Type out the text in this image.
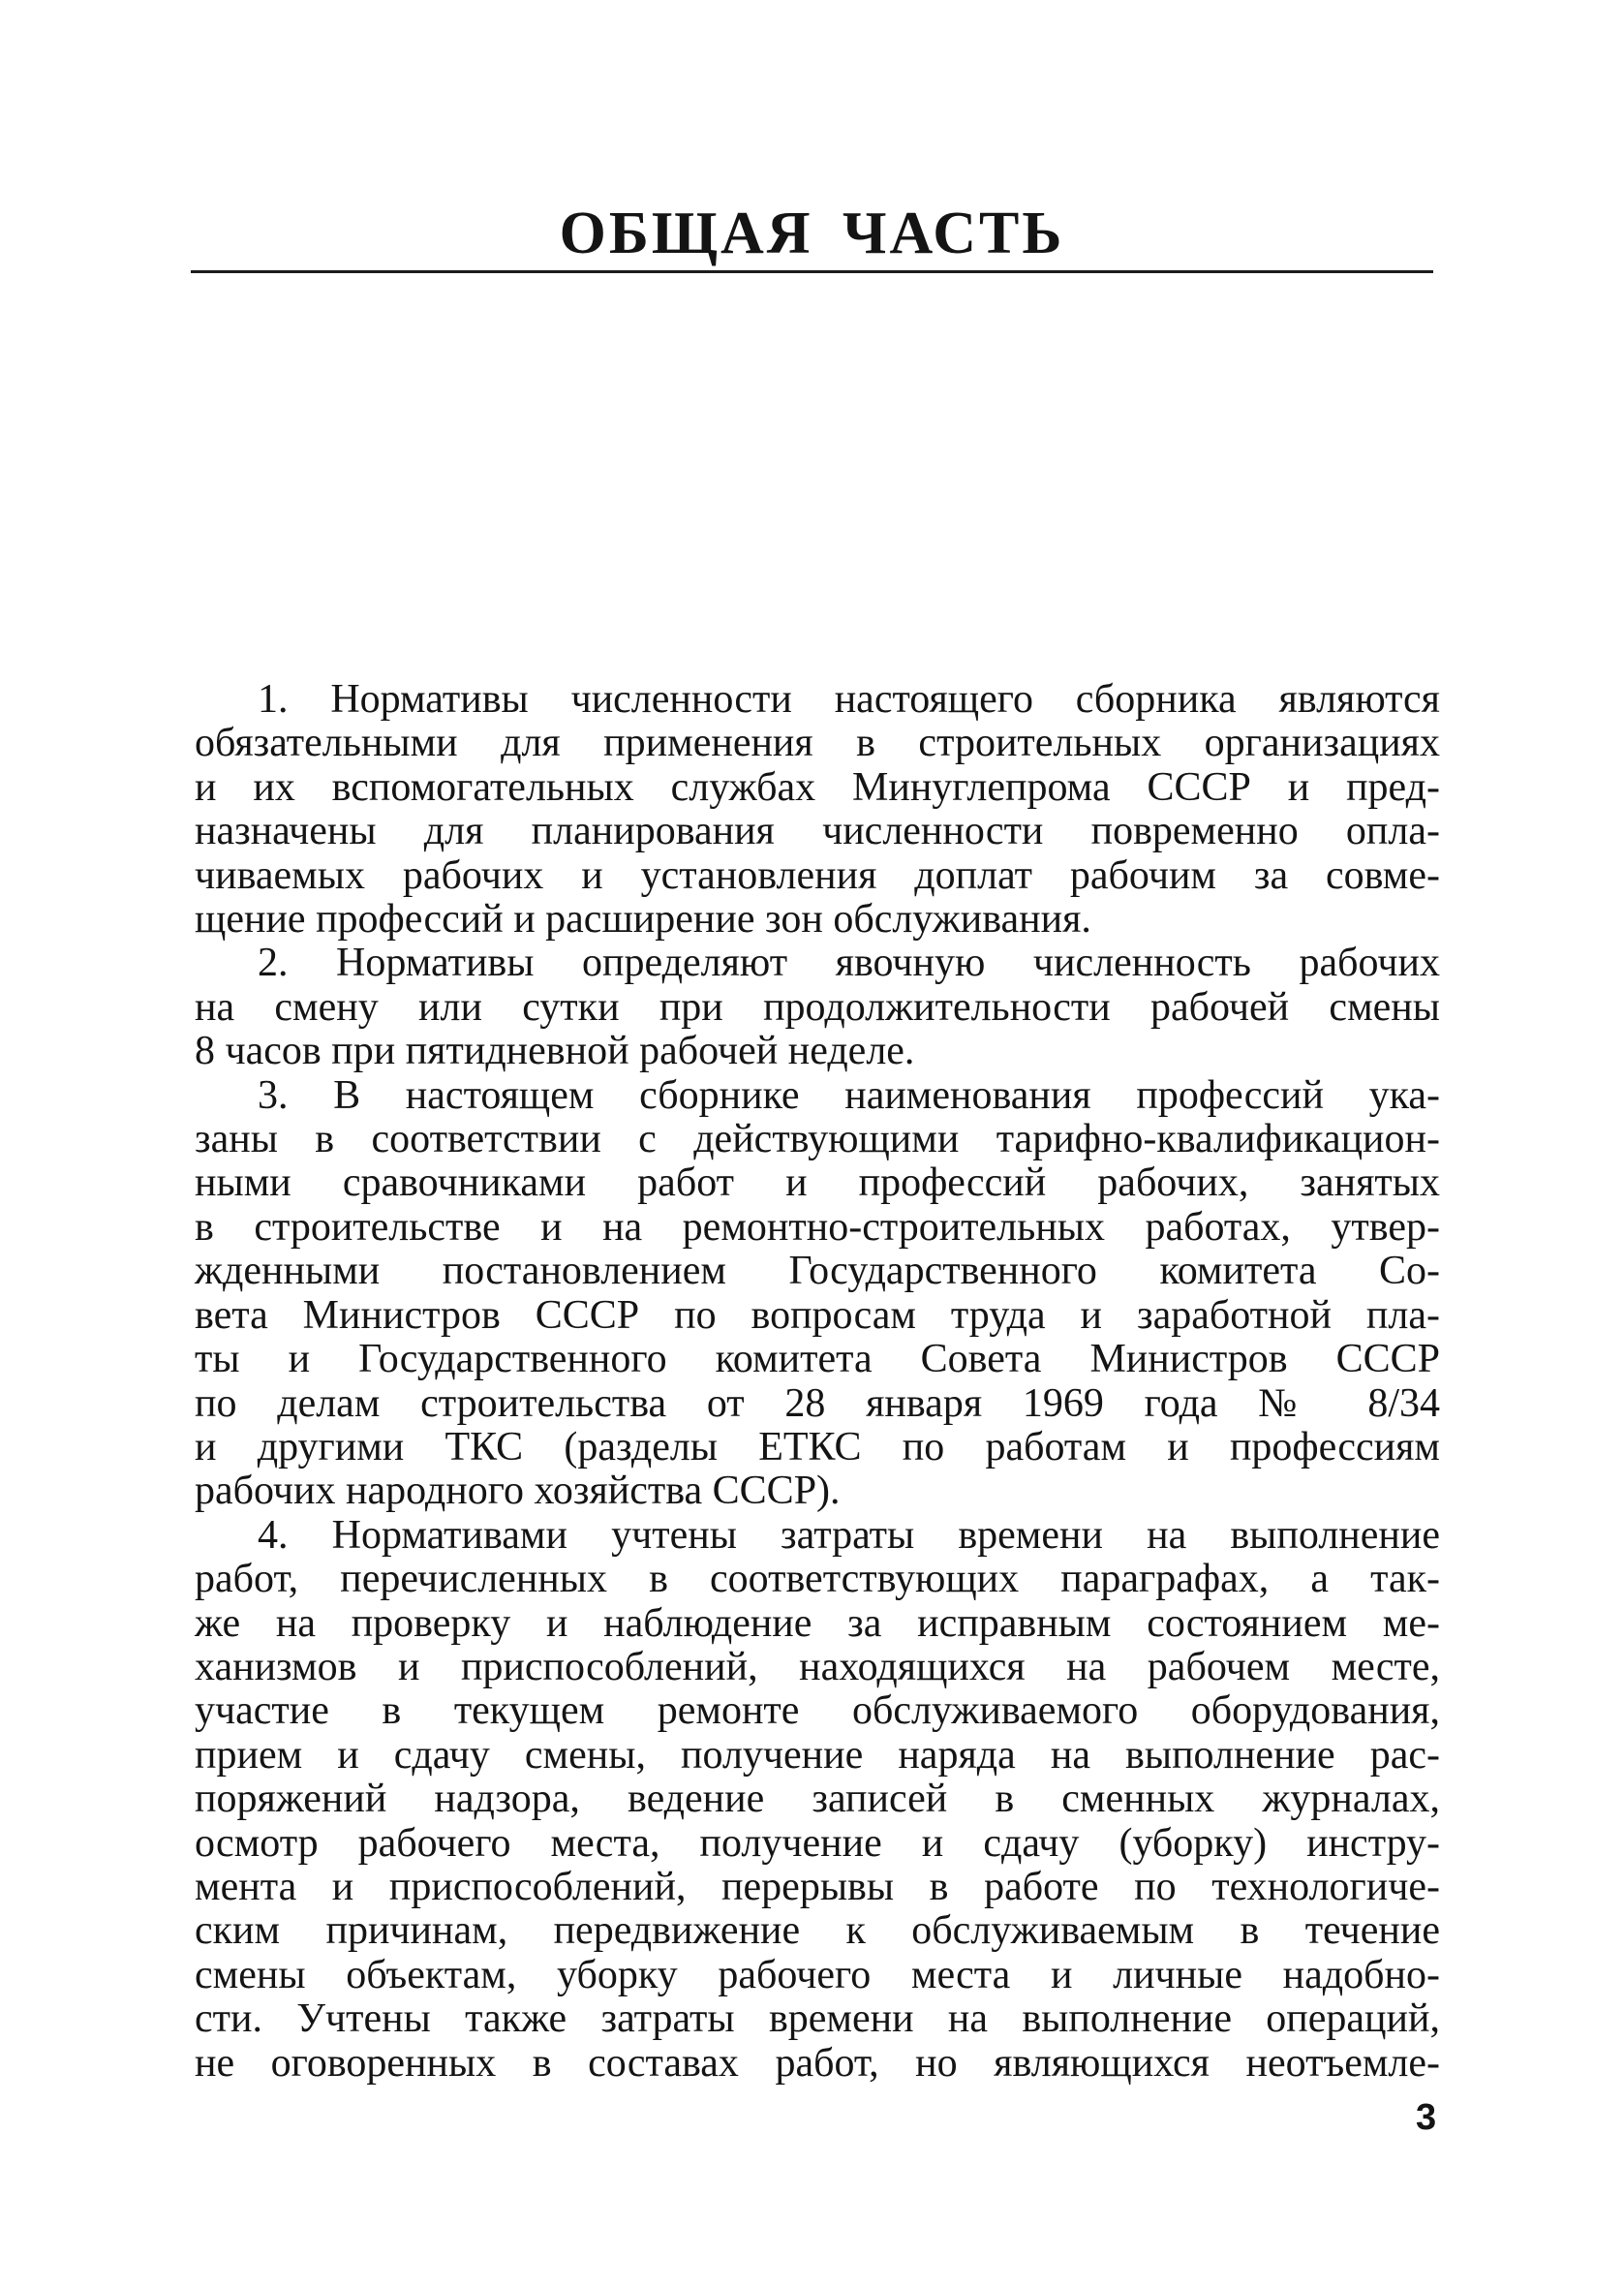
ОБЩАЯ ЧАСТЬ

1. Нормативы численности настоящего сборника являются
обязательными для применения в строительных организациях
и их вспомогательных службах Минуглепрома СССР и пред-
назначены для планирования численности повременно опла-
чиваемых рабочих и установления доплат рабочим за совме-
щение профессий и расширение зон обслуживания.

2. Нормативы определяют явочную численность рабочих
на смену или сутки при продолжительности рабочей смены
8 часов при пятидневной рабочей неделе.

3. В настоящем сборнике наименования профессий ука-
заны в соответствии с действующими тарифно-квалификацион-
ными сравочниками работ и профессий рабочих, занятых
в строительстве и на ремонтно-строительных работах, утвер-
жденными постановлением Государственного комитета Со-
вета Министров СССР по вопросам труда и заработной пла-
ты и Государственного комитета Совета Министров СССР
по делам строительства от 28 января 1969 года № 8/34
и другими ТКС (разделы ЕТКС по работам и профессиям
рабочих народного хозяйства СССР).

4. Нормативами учтены затраты времени на выполнение
работ, перечисленных в соответствующих параграфах, а так-
же на проверку и наблюдение за исправным состоянием ме-
ханизмов и приспособлений, находящихся на рабочем месте,
участие в текущем ремонте обслуживаемого оборудования,
прием и сдачу смены, получение наряда на выполнение рас-
поряжений надзора, ведение записей в сменных журналах,
осмотр рабочего места, получение и сдачу (уборку) инстру-
мента и приспособлений, перерывы в работе по технологиче-
ским причинам, передвижение к обслуживаемым в течение
смены объектам, уборку рабочего места и личные надобно-
сти. Учтены также затраты времени на выполнение операций,
не оговоренных в составах работ, но являющихся неотъемле-

3
